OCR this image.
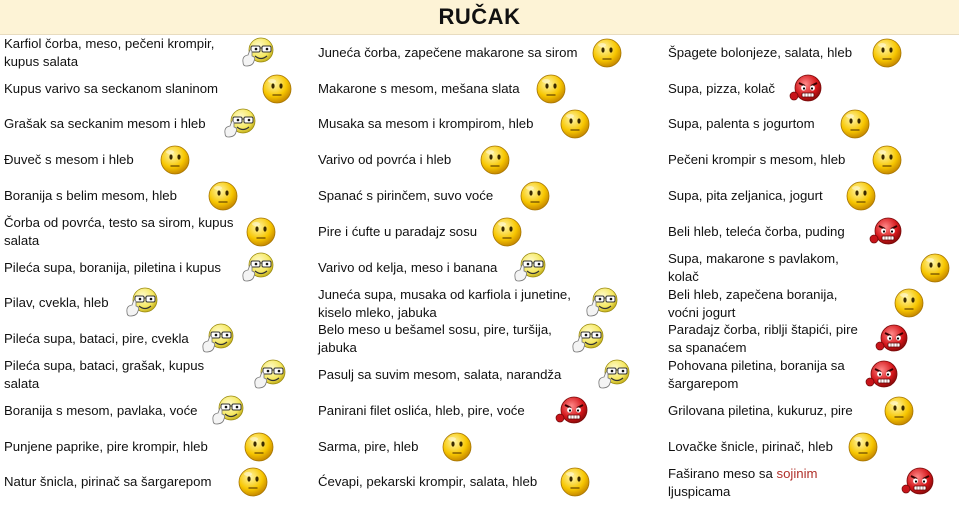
RUČAK
Karfiol čorba, meso, pečeni krompir, kupus salata
Kupus varivo sa seckanom slaninom
Grašak sa seckanim mesom i hleb
Đuveč s mesom i hleb
Boranija s belim mesom, hleb
Čorba od povrća, testo sa sirom, kupus salata
Pileća supa, boranija, piletina i kupus
Pilav, cvekla, hleb
Pileća supa, bataci, pire, cvekla
Pileća supa, bataci, grašak, kupus salata
Boranija s mesom, pavlaka, voće
Punjene paprike, pire krompir, hleb
Natur šnicla, pirinač sa šargarepom
Juneća čorba, zapečene makarone sa sirom
Makarone s mesom, mešana slata
Musaka sa mesom i krompirom, hleb
Varivo od povrća i hleb
Spanać s pirinčem, suvo voće
Pire i ćufte u paradajz sosu
Varivo od kelja, meso i banana
Juneća supa, musaka od karfiola i junetine, kiselo mleko, jabuka
Belo meso u bešamel sosu, pire, turšija, jabuka
Pasulj sa suvim mesom, salata, narandža
Panirani filet oslića, hleb, pire, voće
Sarma, pire, hleb
Ćevapi, pekarski krompir, salata, hleb
Špagete bolonjeze, salata, hleb
Supa, pizza, kolač
Supa, palenta s jogurtom
Pečeni krompir s mesom, hleb
Supa, pita zeljanica, jogurt
Beli hleb, teleća čorba, puding
Supa, makarone s pavlakom, kolač
Beli hleb, zapečena boranija, voćni jogurt
Paradajz čorba, riblji štapići, pire sa spanaćem
Pohovana piletina, boranija sa šargarepom
Grilovana piletina, kukuruz, pire
Lovačke šnicle, pirinač, hleb
Faširano meso sa sojinim ljuspicama
